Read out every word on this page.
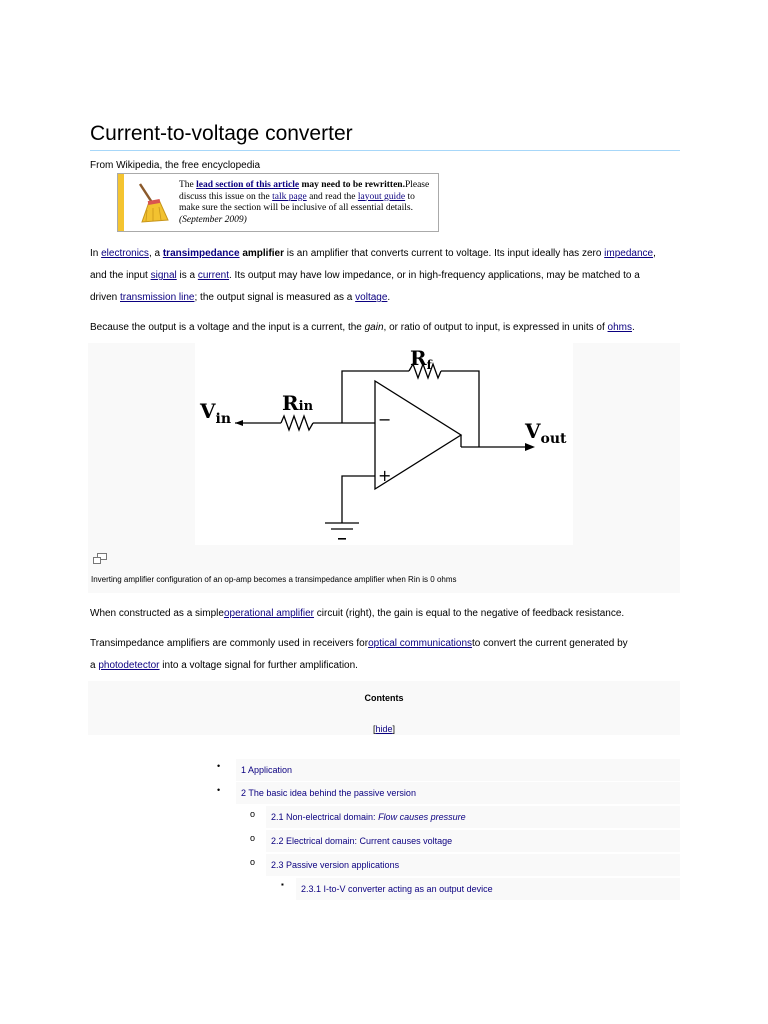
Current-to-voltage converter
From Wikipedia, the free encyclopedia
The lead section of this article may need to be rewritten.Please discuss this issue on the talk page and read the layout guide to make sure the section will be inclusive of all essential details. (September 2009)
In electronics, a transimpedance amplifier is an amplifier that converts current to voltage. Its input ideally has zero impedance,
and the input signal is a current. Its output may have low impedance, or in high-frequency applications, may be matched to a
driven transmission line; the output signal is measured as a voltage.
Because the output is a voltage and the input is a current, the gain, or ratio of output to input, is expressed in units of ohms.
$R_f$
Rin
$V_{in}$	$V_{out}$
−
+
Inverting amplifier configuration of an op-amp becomes a transimpedance amplifier when Rin is 0 ohms
When constructed as a simpleoperational amplifier circuit (right), the gain is equal to the negative of feedback resistance.
Transimpedance amplifiers are commonly used in receivers foroptical communicationsto convert the current generated by
a photodetector into a voltage signal for further amplification.
Contents
[hide]
•	1 Application
•	2 The basic idea behind the passive version
o	2.1 Non-electrical domain: Flow causes pressure
o	2.2 Electrical domain: Current causes voltage
o	2.3 Passive version applications
▪	2.3.1 I-to-V converter acting as an output device
